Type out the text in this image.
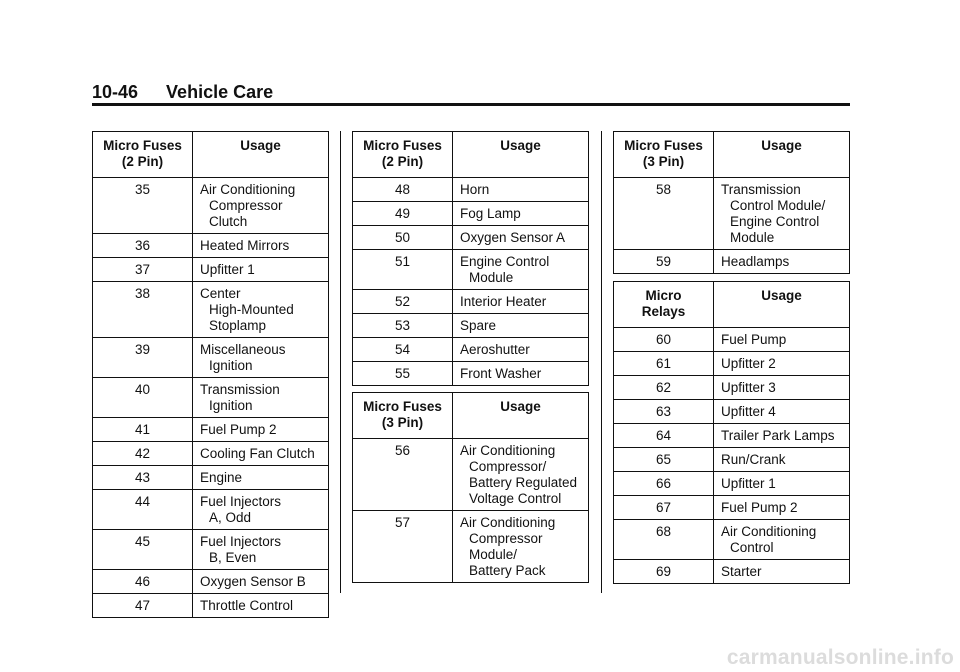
10-46 Vehicle Care
Micro Fuses
(2 Pin)	Usage
35	Air Conditioning
Compressor Clutch

36	Heated Mirrors

37	Upfitter 1

38	Center
High-Mounted
Stoplamp

39	Miscellaneous
Ignition

40	Transmission
Ignition

41	Fuel Pump 2

42	Cooling Fan Clutch

43	Engine

44	Fuel Injectors
A, Odd

45	Fuel Injectors
B, Even

46	Oxygen Sensor B

47	Throttle Control
Micro Fuses
(2 Pin)	Usage
48	Horn

49	Fog Lamp

50	Oxygen Sensor A

51	Engine Control
Module

52	Interior Heater

53	Spare

54	Aeroshutter

55	Front Washer
Micro Fuses
(3 Pin)	Usage
56	Air Conditioning
Compressor/
Battery Regulated
Voltage Control

57	Air Conditioning
Compressor
Module/
Battery Pack
Micro Fuses
(3 Pin)	Usage
58	Transmission
Control Module/
Engine Control
Module

59	Headlamps
Micro
Relays	Usage
60	Fuel Pump

61	Upfitter 2

62	Upfitter 3

63	Upfitter 4

64	Trailer Park Lamps

65	Run/Crank

66	Upfitter 1

67	Fuel Pump 2

68	Air Conditioning
Control

69	Starter
carmanualsonline.info
